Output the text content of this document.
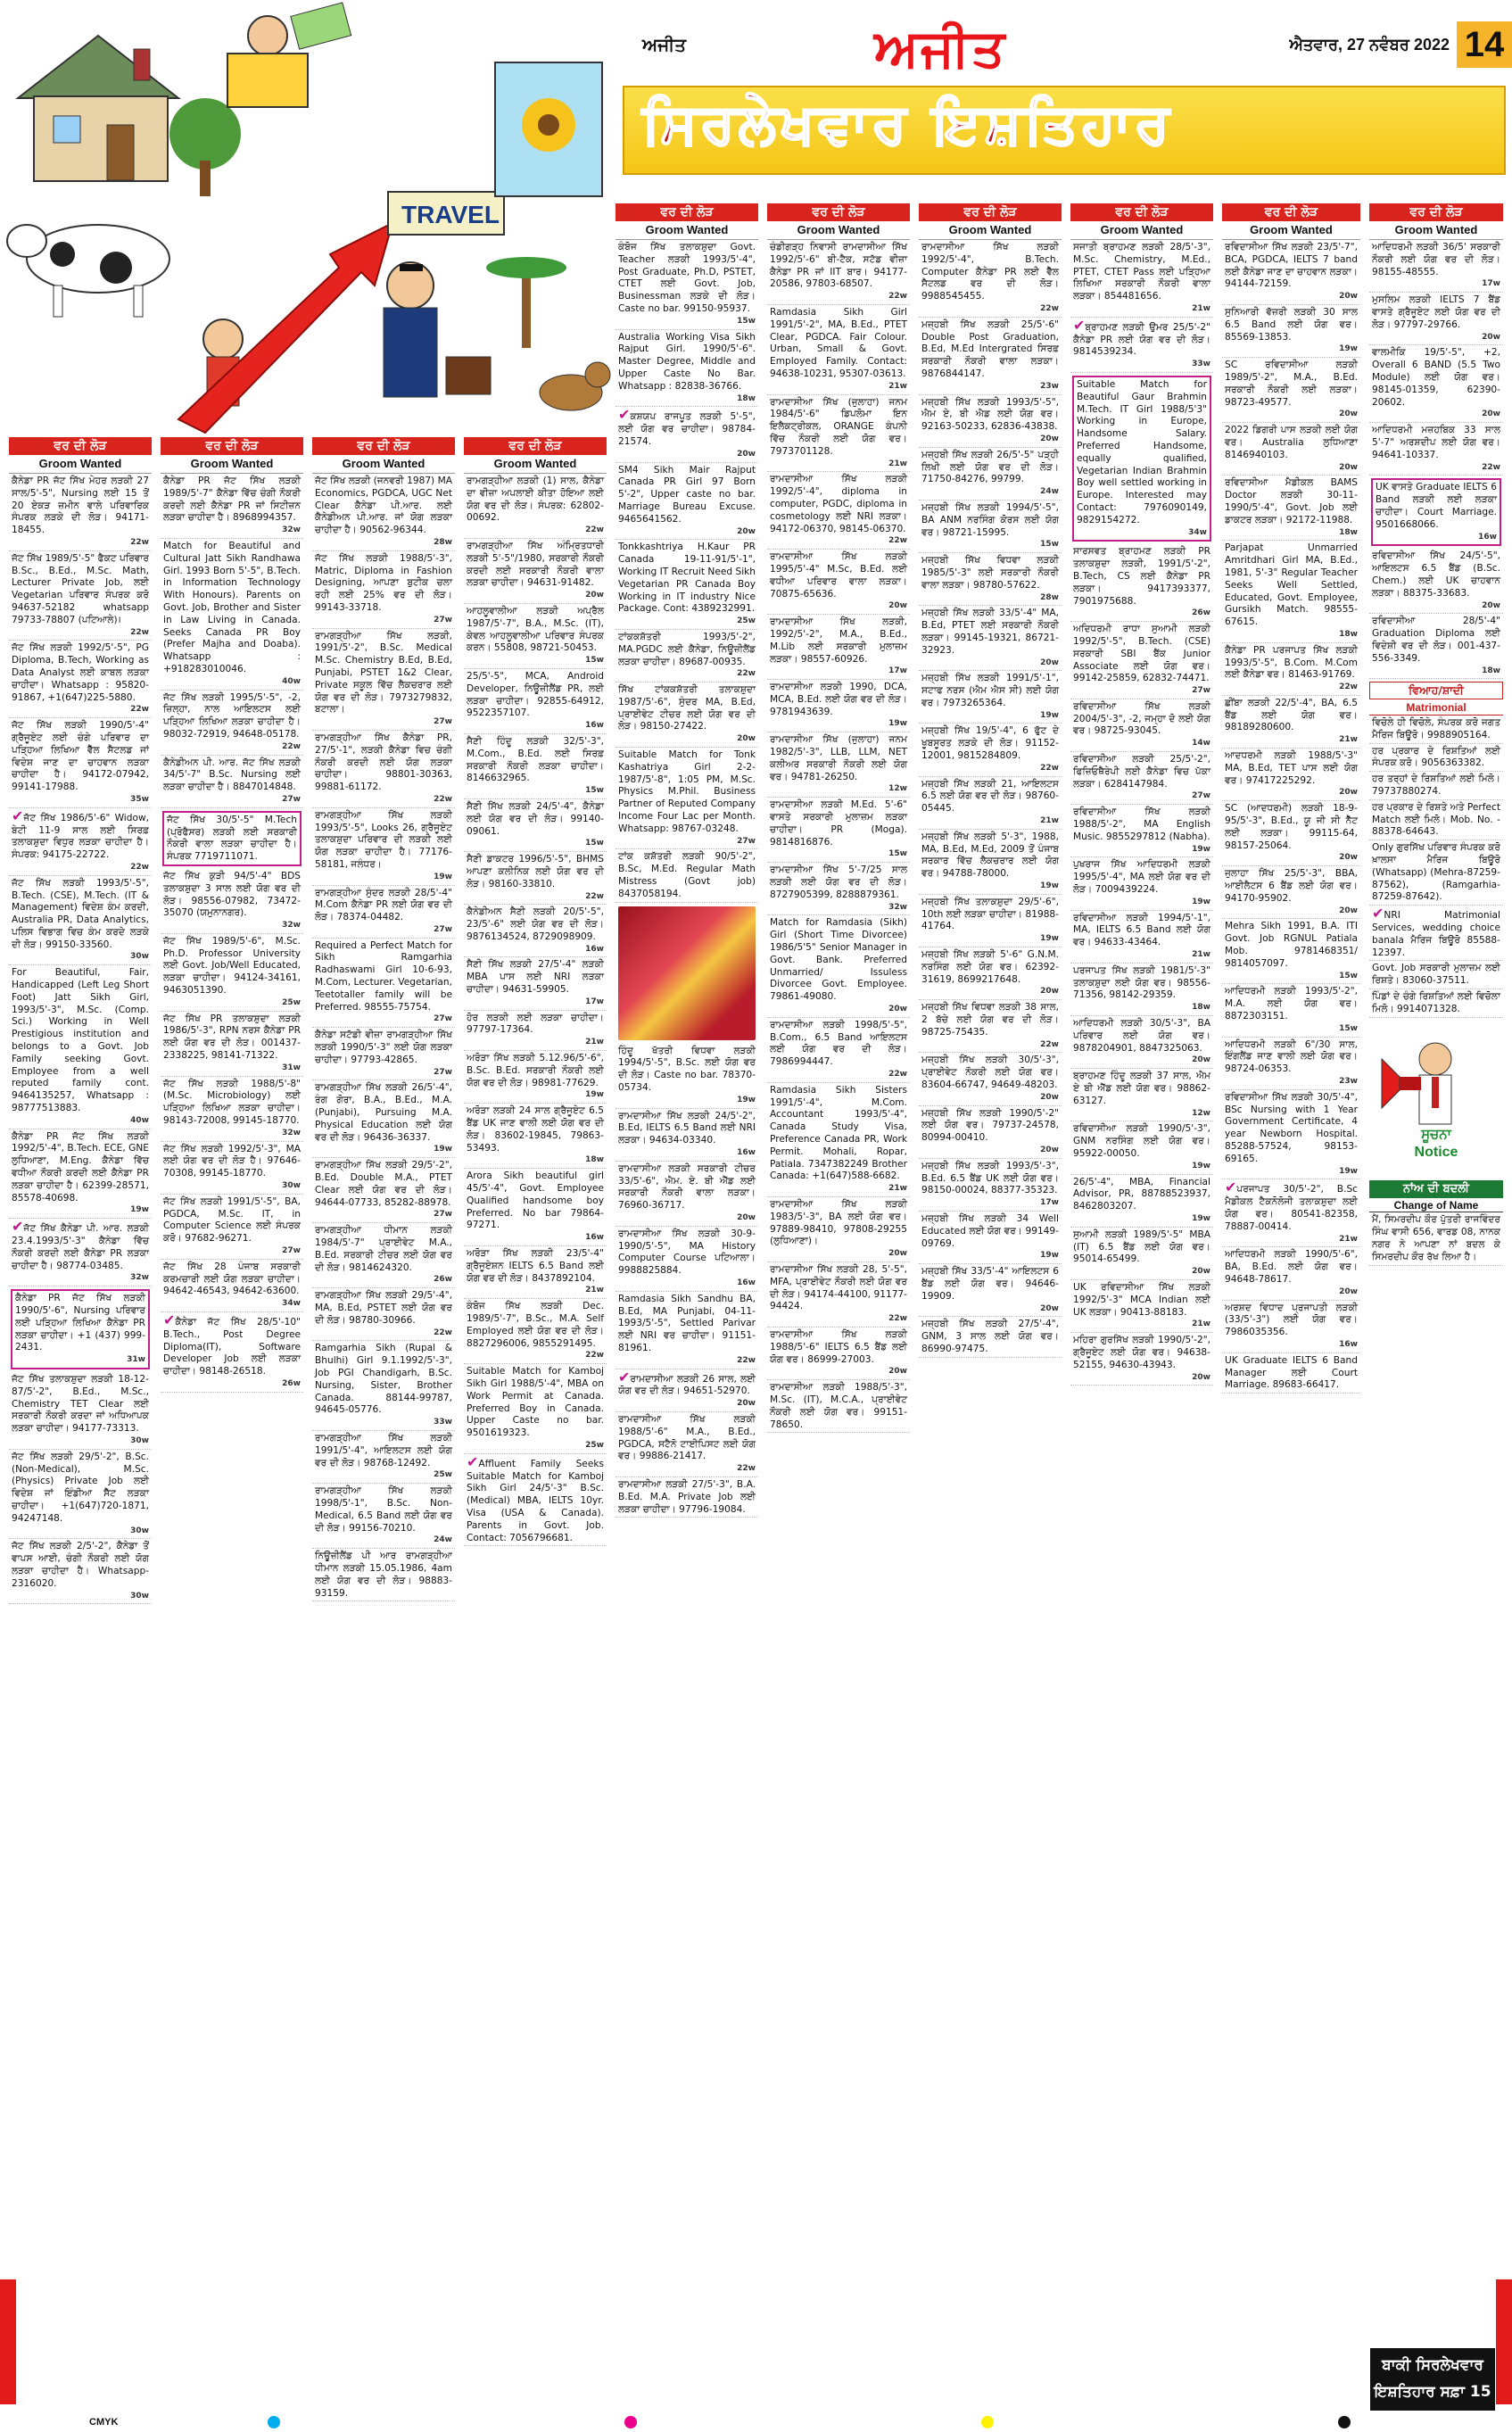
TRAVEL
ਅਜੀਤ	ਅਜੀਤ	ਐਤਵਾਰ, 27 ਨਵੰਬਰ 2022 14
ਸਿਰਲੇਖਵਾਰ ਇਸ਼ਤਿਹਾਰ
ਵਰ ਦੀ ਲੋੜ
Groom Wanted
ਕੈਨੇਡਾ PR ਜੱਟ ਸਿੱਖ ਮੇਹਰ ਲੜਕੀ 27 ਸਾਲ/5'-5", Nursing ਲਈ 15 ਤੋਂ 20 ਏਕੜ ਜ਼ਮੀਨ ਵਾਲੇ ਪਰਿਵਾਰਿਕ ਸੰਪਰਕ ਲੜਕੇ ਦੀ ਲੋੜ। 94171-18455.
22w
ਜੱਟ ਸਿੱਖ 1989/5'-5" ਫੈਕਟ ਪਰਿਵਾਰ B.Sc., B.Ed., M.Sc. Math, Lecturer Private Job, ਲਈ Vegetarian ਪਰਿਵਾਰ ਸੰਪਰਕ ਕਰੋ 94637-52182 whatsapp 79733-78807 (ਪਟਿਆਲੇ)।
22w
ਜੱਟ ਸਿੱਖ ਲੜਕੀ 1992/5'-5", PG Diploma, B.Tech, Working as Data Analyst ਲਈ ਕਾਬਲ ਲੜਕਾ ਚਾਹੀਦਾ। Whatsapp : 95820-91867, +1(647)225-5880.
22w
ਜੱਟ ਸਿੱਖ ਲੜਕੀ 1990/5'-4" ਗ੍ਰੈਜੂਏਟ ਲਈ ਚੰਗੇ ਪਰਿਵਾਰ ਦਾ ਪੜ੍ਹਿਆ ਲਿਖਿਆ ਵੈੱਲ ਸੈਟਲਡ ਜਾਂ ਵਿਦੇਸ਼ ਜਾਣ ਦਾ ਚਾਹਵਾਨ ਲੜਕਾ ਚਾਹੀਦਾ ਹੈ। 94172-07942, 99141-17988.
35w
✔ ਜੱਟ ਸਿੱਖ 1986/5'-6" Widow, ਬੇਟੀ 11-9 ਸਾਲ ਲਈ ਸਿਰਫ਼ ਤਲਾਕਸ਼ੁਦਾ ਵਿਧੁਰ ਲੜਕਾ ਚਾਹੀਦਾ ਹੈ। ਸੰਪਰਕ: 94175-22722.
22w
ਜੱਟ ਸਿੱਖ ਲੜਕੀ 1993/5'-5", B.Tech. (CSE), M.Tech. (IT & Management) ਵਿਦੇਸ਼ ਕੰਮ ਕਰਦੀ, Australia PR, Data Analytics, ਪਲਿਸ ਵਿਭਾਗ ਵਿਚ ਕੰਮ ਕਰਦੇ ਲੜਕੇ ਦੀ ਲੋੜ। 99150-33560.
30w
For Beautiful, Fair, Handicapped (Left Leg Short Foot) Jatt Sikh Girl, 1993/5'-3", M.Sc. (Comp. Sci.) Working in Well Prestigious institution and belongs to a Govt. Job Family seeking Govt. Employee from a well reputed family cont. 9464135257, Whatsapp : 98777513883.
40w
ਕੈਨੇਡਾ PR ਜੱਟ ਸਿੱਖ ਲੜਕੀ 1992/5'-4", B.Tech. ECE, GNE ਲੁਧਿਆਣਾ, M.Eng. ਕੈਨੇਡਾ ਵਿੱਚ ਵਧੀਆ ਨੌਕਰੀ ਕਰਦੀ ਲਈ ਕੈਨੇਡਾ PR ਲੜਕਾ ਚਾਹੀਦਾ ਹੈ। 62399-28571, 85578-40698.
19w
✔ ਜੱਟ ਸਿੱਖ ਕੈਨੇਡਾ ਪੀ. ਆਰ. ਲੜਕੀ 23.4.1993/5'-3" ਕੈਨੇਡਾ ਵਿੱਚ ਨੌਕਰੀ ਕਰਦੀ ਲਈ ਕੈਨੇਡਾ PR ਲੜਕਾ ਚਾਹੀਦਾ ਹੈ। 98774-03485.
32w
ਕੈਨੇਡਾ PR ਜੱਟ ਸਿੱਖ ਲੜਕੀ 1990/5'-6", Nursing ਪਰਿਵਾਰ ਲਈ ਪੜ੍ਹਿਆ ਲਿਖਿਆ ਕੈਨੇਡਾ PR ਲੜਕਾ ਚਾਹੀਦਾ। +1 (437) 999-2431.
31w
ਜੱਟ ਸਿੱਖ ਤਲਾਕਸ਼ੁਦਾ ਲੜਕੀ 18-12-87/5'-2", B.Ed., M.Sc., Chemistry TET Clear ਲਈ ਸਰਕਾਰੀ ਨੌਕਰੀ ਕਰਦਾ ਜਾਂ ਅਧਿਆਪਕ ਲੜਕਾ ਚਾਹੀਦਾ। 94177-73313.
30w
ਜੱਟ ਸਿੱਖ ਲੜਕੀ 29/5'-2", B.Sc. (Non-Medical), M.Sc. (Physics) Private Job ਲਈ ਵਿਦੇਸ਼ ਜਾਂ ਇੰਡੀਆ ਸੈੱਟ ਲੜਕਾ ਚਾਹੀਦਾ। +1(647)720-1871, 94247148.
30w
ਜੱਟ ਸਿੱਖ ਲੜਕੀ 2/5'-2", ਕੈਨੇਡਾ ਤੋਂ ਵਾਪਸ ਆਈ, ਚੰਗੀ ਨੌਕਰੀ ਲਈ ਯੋਗ ਲੜਕਾ ਚਾਹੀਦਾ ਹੈ। Whatsapp-2316020.
30w
ਵਰ ਦੀ ਲੋੜ
Groom Wanted
ਕੈਨੇਡਾ PR ਜੱਟ ਸਿੱਖ ਲੜਕੀ 1989/5'-7" ਕੈਨੇਡਾ ਵਿੱਚ ਚੰਗੀ ਨੌਕਰੀ ਕਰਦੀ ਲਈ ਕੈਨੇਡਾ PR ਜਾਂ ਸਿਟੀਜ਼ਨ ਲੜਕਾ ਚਾਹੀਦਾ ਹੈ। 8968994357.
32w
Match for Beautiful and Cultural Jatt Sikh Randhawa Girl. 1993 Born 5'-5", B.Tech. in Information Technology With Honours). Parents on Govt. Job, Brother and Sister in Law Living in Canada. Seeks Canada PR Boy (Prefer Majha and Doaba). Whatsapp : +918283010046.
40w
ਜੱਟ ਸਿੱਖ ਲੜਕੀ 1995/5'-5", -2, ਜ਼ਿਲ੍ਹਾ, ਨਾਲ ਆਇਲਟਸ ਲਈ ਪੜ੍ਹਿਆ ਲਿਖਿਆ ਲੜਕਾ ਚਾਹੀਦਾ ਹੈ। 98032-72919, 94648-05178.
22w
ਕੈਨੇਡੀਅਨ ਪੀ. ਆਰ. ਜੱਟ ਸਿੱਖ ਲੜਕੀ 34/5'-7" B.Sc. Nursing ਲਈ ਲੜਕਾ ਚਾਹੀਦਾ ਹੈ। 8847014848.
27w
ਜੱਟ ਸਿੱਖ 30/5'-5" M.Tech (ਪ੍ਰੋਫੈਸਰ) ਲੜਕੀ ਲਈ ਸਰਕਾਰੀ ਨੌਕਰੀ ਵਾਲਾ ਲੜਕਾ ਚਾਹੀਦਾ ਹੈ। ਸੰਪਰਕ 7719711071.
ਜੱਟ ਸਿੱਖ ਕੁੜੀ 94/5'-4" BDS ਤਲਾਕਸ਼ੁਦਾ 3 ਸਾਲ ਲਈ ਯੋਗ ਵਰ ਦੀ ਲੋੜ। 98556-07982, 73472-35070 (ਯਮੁਨਾਨਗਰ).
32w
ਜੱਟ ਸਿੱਖ 1989/5'-6", M.Sc. Ph.D. Professor University ਲਈ Govt. Job/Well Educated, ਲੜਕਾ ਚਾਹੀਦਾ। 94124-34161, 9463051390.
25w
ਜੱਟ ਸਿੱਖ PR ਤਲਾਕਸ਼ੁਦਾ ਲੜਕੀ 1986/5'-3", RPN ਨਰਸ ਕੈਨੇਡਾ PR ਲਈ ਯੋਗ ਵਰ ਦੀ ਲੋੜ। 001437-2338225, 98141-71322.
31w
ਜੱਟ ਸਿੱਖ ਲੜਕੀ 1988/5'-8" (M.Sc. Microbiology) ਲਈ ਪੜ੍ਹਿਆ ਲਿਖਿਆ ਲੜਕਾ ਚਾਹੀਦਾ। 98143-72008, 99145-18770.
32w
ਜੱਟ ਸਿੱਖ ਲੜਕੀ 1992/5'-3", MA ਲਈ ਯੋਗ ਵਰ ਦੀ ਲੋੜ ਹੈ। 97646-70308, 99145-18770.
30w
ਜੱਟ ਸਿੱਖ ਲੜਕੀ 1991/5'-5", BA, PGDCA, M.Sc. IT, in Computer Science ਲਈ ਸੰਪਰਕ ਕਰੋ। 97682-96271.
27w
ਜੱਟ ਸਿੱਖ 28 ਪੰਜਾਬ ਸਰਕਾਰੀ ਕਰਮਚਾਰੀ ਲਈ ਯੋਗ ਲੜਕਾ ਚਾਹੀਦਾ। 94642-46543, 94642-63600.
34w
✔ ਕੈਨੇਡਾ ਜੱਟ ਸਿੱਖ 28/5'-10" B.Tech., Post Degree Diploma(IT), Software Developer Job ਲਈ ਲੜਕਾ ਚਾਹੀਦਾ। 98148-26518.
26w
ਵਰ ਦੀ ਲੋੜ
Groom Wanted
ਜੱਟ ਸਿੱਖ ਲੜਕੀ (ਜਨਵਰੀ 1987) MA Economics, PGDCA, UGC Net Clear ਕੈਨੇਡਾ ਪੀ.ਆਰ. ਲਈ ਕੈਨੇਡੀਅਨ ਪੀ.ਆਰ. ਜਾਂ ਯੋਗ ਲੜਕਾ ਚਾਹੀਦਾ ਹੈ। 90562-96344.
28w
ਜੱਟ ਸਿੱਖ ਲੜਕੀ 1988/5'-3", Matric, Diploma in Fashion Designing, ਆਪਣਾ ਬੁਟੀਕ ਚਲਾ ਰਹੀ ਲਈ 25% ਵਰ ਦੀ ਲੋੜ। 99143-33718.
27w
ਰਾਮਗੜ੍ਹੀਆ ਸਿੱਖ ਲੜਕੀ, 1991/5'-2", B.Sc. Medical M.Sc. Chemistry B.Ed, B.Ed, Punjabi, PSTET 1&2 Clear, Private ਸਕੂਲ ਵਿੱਚ ਲੈਕਚਰਾਰ ਲਈ ਯੋਗ ਵਰ ਦੀ ਲੋੜ। 7973279832, ਬਟਾਲਾ।
27w
ਰਾਮਗੜ੍ਹੀਆ ਸਿੱਖ ਕੈਨੇਡਾ PR, 27/5'-1", ਲੜਕੀ ਕੈਨੇਡਾ ਵਿਚ ਚੰਗੀ ਨੌਕਰੀ ਕਰਦੀ ਲਈ ਯੋਗ ਲੜਕਾ ਚਾਹੀਦਾ। 98801-30363, 99881-61172.
22w
ਰਾਮਗੜ੍ਹੀਆ ਸਿੱਖ ਲੜਕੀ 1993/5'-5", Looks 26, ਗ੍ਰੈਜੂਏਟ ਤਲਾਕਸ਼ੁਦਾ ਪਰਿਵਾਰ ਦੀ ਲੜਕੀ ਲਈ ਯੋਗ ਲੜਕਾ ਚਾਹੀਦਾ ਹੈ। 77176-58181, ਜਲੰਧਰ।
19w
ਰਾਮਗੜ੍ਹੀਆ ਸੁੰਦਰ ਲੜਕੀ 28/5'-4" M.Com ਕੈਨੇਡਾ PR ਲਈ ਯੋਗ ਵਰ ਦੀ ਲੋੜ। 78374-04482.
27w
Required a Perfect Match for Sikh Ramgarhia Radhaswami Girl 10-6-93, M.Com, Lecturer. Vegetarian, Teetotaller family will be Preferred. 98555-75754.
27w
ਕੈਨੇਡਾ ਸਟੱਡੀ ਵੀਜ਼ਾ ਰਾਮਗੜ੍ਹੀਆ ਸਿੱਖ ਲੜਕੀ 1990/5'-3" ਲਈ ਯੋਗ ਲੜਕਾ ਚਾਹੀਦਾ। 97793-42865.
27w
ਰਾਮਗੜ੍ਹੀਆ ਸਿੱਖ ਲੜਕੀ 26/5'-4", ਰੰਗ ਗੋਰਾ, B.A., B.Ed., M.A. (Punjabi), Pursuing M.A. Physical Education ਲਈ ਯੋਗ ਵਰ ਦੀ ਲੋੜ। 96436-36337.
19w
ਰਾਮਗੜ੍ਹੀਆ ਸਿੱਖ ਲੜਕੀ 29/5'-2", B.Ed. Double M.A., PTET Clear ਲਈ ਯੋਗ ਵਰ ਦੀ ਲੋੜ। 94644-07733, 85282-88978.
27w
ਰਾਮਗੜ੍ਹੀਆ ਧੀਮਾਨ ਲੜਕੀ 1984/5'-7" ਪ੍ਰਾਈਵੇਟ M.A., B.Ed. ਸਰਕਾਰੀ ਟੀਚਰ ਲਈ ਯੋਗ ਵਰ ਦੀ ਲੋੜ। 9814624320.
26w
ਰਾਮਗੜ੍ਹੀਆ ਸਿੱਖ ਲੜਕੀ 29/5'-4", MA, B.Ed, PSTET ਲਈ ਯੋਗ ਵਰ ਦੀ ਲੋੜ। 98780-30966.
22w
Ramgarhia Sikh (Rupal & Bhulhi) Girl 9.1.1992/5'-3", Job PGI Chandigarh, B.Sc. Nursing, Sister, Brother Canada. 88144-99787, 94645-05776.
33w
ਰਾਮਗੜ੍ਹੀਆ ਸਿੱਖ ਲੜਕੀ 1991/5'-4", ਆਇਲਟਸ ਲਈ ਯੋਗ ਵਰ ਦੀ ਲੋੜ। 98768-12492.
25w
ਰਾਮਗੜ੍ਹੀਆ ਸਿੱਖ ਲੜਕੀ 1998/5'-1", B.Sc. Non-Medical, 6.5 Band ਲਈ ਯੋਗ ਵਰ ਦੀ ਲੋੜ। 99156-70210.
24w
ਨਿਊਜ਼ੀਲੈਂਡ ਪੀ ਆਰ ਰਾਮਗੜ੍ਹੀਆ ਧੀਮਾਨ ਲੜਕੀ 15.05.1986, 4am ਲਈ ਯੋਗ ਵਰ ਦੀ ਲੋੜ। 98883-93159.
ਵਰ ਦੀ ਲੋੜ
Groom Wanted
ਰਾਮਗੜ੍ਹੀਆ ਲੜਕੀ (1) ਸਾਲ, ਕੈਨੇਡਾ ਦਾ ਵੀਜ਼ਾ ਅਪਲਾਈ ਕੀਤਾ ਹੋਇਆ ਲਈ ਯੋਗ ਵਰ ਦੀ ਲੋੜ। ਸੰਪਰਕ: 62802-00692.
22w
ਰਾਮਗੜ੍ਹੀਆ ਸਿੱਖ ਅੰਮ੍ਰਿਤਧਾਰੀ ਲੜਕੀ 5'-5"/1980, ਸਰਕਾਰੀ ਨੌਕਰੀ ਕਰਦੀ ਲਈ ਸਰਕਾਰੀ ਨੌਕਰੀ ਵਾਲਾ ਲੜਕਾ ਚਾਹੀਦਾ। 94631-91482.
20w
ਆਹਲੂਵਾਲੀਆ ਲੜਕੀ ਅਪ੍ਰੈਲ 1987/5'-7", B.A., M.Sc. (IT), ਕੇਵਲ ਆਹਲੂਵਾਲੀਆ ਪਰਿਵਾਰ ਸੰਪਰਕ ਕਰਨ। 55808, 98721-50453.
15w
25/5'-5", MCA, Android Developer, ਨਿਊਜ਼ੀਲੈਂਡ PR, ਲਈ ਲੜਕਾ ਚਾਹੀਦਾ। 92855-64912, 9522357107.
16w
ਸੈਣੀ ਹਿੰਦੂ ਲੜਕੀ 32/5'-3", M.Com., B.Ed. ਲਈ ਸਿਰਫ਼ ਸਰਕਾਰੀ ਨੌਕਰੀ ਲੜਕਾ ਚਾਹੀਦਾ। 8146632965.
15w
ਸੈਣੀ ਸਿੱਖ ਲੜਕੀ 24/5'-4", ਕੈਨੇਡਾ ਲਈ ਯੋਗ ਵਰ ਦੀ ਲੋੜ। 99140-09061.
15w
ਸੈਣੀ ਡਾਕਟਰ 1996/5'-5", BHMS ਆਪਣਾ ਕਲੀਨਿਕ ਲਈ ਯੋਗ ਵਰ ਦੀ ਲੋੜ। 98160-33810.
22w
ਕੈਨੇਡੀਅਨ ਸੈਣੀ ਲੜਕੀ 20/5'-5", 23/5'-6" ਲਈ ਯੋਗ ਵਰ ਦੀ ਲੋੜ। 9876134524, 8729098909.
16w
ਸੈਣੀ ਸਿੱਖ ਲੜਕੀ 27/5'-4" ਲੜਕੀ MBA ਪਾਸ ਲਈ NRI ਲੜਕਾ ਚਾਹੀਦਾ। 94631-59905.
17w
ਹੋਰ ਲੜਕੀ ਲਈ ਲੜਕਾ ਚਾਹੀਦਾ। 97797-17364.
21w
ਅਰੋੜਾ ਸਿੱਖ ਲੜਕੀ 5.12.96/5'-6", B.Sc. B.Ed. ਸਰਕਾਰੀ ਨੌਕਰੀ ਲਈ ਯੋਗ ਵਰ ਦੀ ਲੋੜ। 98981-77629.
19w
ਅਰੋੜਾ ਲੜਕੀ 24 ਸਾਲ ਗ੍ਰੈਜੂਏਟ 6.5 ਬੈਂਡ UK ਜਾਣ ਵਾਲੀ ਲਈ ਯੋਗ ਵਰ ਦੀ ਲੋੜ। 83602-19845, 79863-53493.
18w
Arora Sikh beautiful girl 45/5'-4", Govt. Employee Qualified handsome boy Preferred. No bar 79864-97271.
16w
ਅਰੋੜਾ ਸਿੱਖ ਲੜਕੀ 23/5'-4" ਗ੍ਰੈਜੂਏਸ਼ਨ IELTS 6.5 Band ਲਈ ਯੋਗ ਵਰ ਦੀ ਲੋੜ। 8437892104.
21w
ਕੰਬੋਜ ਸਿੱਖ ਲੜਕੀ Dec. 1989/5'-7", B.Sc., M.A. Self Employed ਲਈ ਯੋਗ ਵਰ ਦੀ ਲੋੜ। 8827296006, 9855291495.
22w
Suitable Match for Kamboj Sikh Girl 1988/5'-4", MBA on Work Permit at Canada. Preferred Boy in Canada. Upper Caste no bar. 9501619323.
25w
✔ Affluent Family Seeks Suitable Match for Kamboj Sikh Girl 24/5'-3" B.Sc. (Medical) MBA, IELTS 10yr. Visa (USA & Canada). Parents in Govt. Job. Contact: 7056796681.
ਵਰ ਦੀ ਲੋੜ
Groom Wanted
ਕੰਬੋਜ ਸਿੱਖ ਤਲਾਕਸ਼ੁਦਾ Govt. Teacher ਲੜਕੀ 1993/5'-4", Post Graduate, Ph.D, PSTET, CTET ਲਈ Govt. Job, Businessman ਲੜਕੇ ਦੀ ਲੋੜ। Caste no bar. 99150-95937.
15w
Australia Working Visa Sikh Rajput Girl. 1990/5'-6". Master Degree, Middle and Upper Caste No Bar. Whatsapp : 82838-36766.
18w
✔ ਕਸ਼ਯਪ ਰਾਜਪੂਤ ਲੜਕੀ 5'-5", ਲਈ ਯੋਗ ਵਰ ਚਾਹੀਦਾ। 98784-21574.
20w
SM4 Sikh Mair Rajput Canada PR Girl 97 Born 5'-2", Upper caste no bar. Marriage Bureau Excuse. 9465641562.
20w
Tonkkashtriya H.Kaur PR Canada 19-11-91/5'-1", Working IT Recruit Need Sikh Vegetarian PR Canada Boy Working in IT industry Nice Package. Cont: 4389232991.
25w
ਟਾਂਕਕਸ਼ੱਤਰੀ 1993/5'-2", MA.PGDC ਲਈ ਕੈਨੇਡਾ, ਨਿਊਜ਼ੀਲੈਂਡ ਲੜਕਾ ਚਾਹੀਦਾ। 89687-00935.
22w
ਸਿੱਖ ਟਾਂਕਕਸ਼ੱਤਰੀ ਤਲਾਕਸ਼ੁਦਾ 1987/5'-6", ਸੁੰਦਰ MA, B.Ed, ਪ੍ਰਾਈਵੇਟ ਟੀਚਰ ਲਈ ਯੋਗ ਵਰ ਦੀ ਲੋੜ। 98150-27422.
20w
Suitable Match for Tonk Kashatriya Girl 2-2-1987/5'-8", 1:05 PM, M.Sc. Physics M.Phil. Business Partner of Reputed Company Income Four Lac per Month. Whatsapp: 98767-03248.
27w
ਟਾਂਕ ਕਸ਼ੱਤਰੀ ਲੜਕੀ 90/5'-2", B.Sc, M.Ed. Regular Math Mistress (Govt job) 8437058194.
ਹਿੰਦੂ ਖੱਤਰੀ ਵਿਧਵਾ ਲੜਕੀ 1994/5'-5", B.Sc. ਲਈ ਯੋਗ ਵਰ ਦੀ ਲੋੜ। Caste no bar. 78370-05734.
19w
ਰਾਮਦਾਸੀਆ ਸਿੱਖ ਲੜਕੀ 24/5'-2", B.Ed, IELTS 6.5 Band ਲਈ NRI ਲੜਕਾ। 94634-03340.
16w
ਰਾਮਦਾਸੀਆ ਲੜਕੀ ਸਰਕਾਰੀ ਟੀਚਰ 33/5'-6", ਐਮ. ਏ. ਬੀ ਐੱਡ ਲਈ ਸਰਕਾਰੀ ਨੌਕਰੀ ਵਾਲਾ ਲੜਕਾ। 76960-36717.
20w
ਰਾਮਦਾਸੀਆ ਸਿੱਖ ਲੜਕੀ 30-9-1990/5'-5", MA History Computer Course ਪਟਿਆਲਾ। 9988825884.
16w
Ramdasia Sikh Sandhu BA, B.Ed, MA Punjabi, 04-11-1993/5'-5", Settled Parivar ਲਈ NRI ਵਰ ਚਾਹੀਦਾ। 91151-81961.
22w
✔ ਰਾਮਦਾਸੀਆ ਲੜਕੀ 26 ਸਾਲ, ਲਈ ਯੋਗ ਵਰ ਦੀ ਲੋੜ। 94651-52970.
20w
ਰਾਮਦਾਸੀਆ ਸਿੱਖ ਲੜਕੀ 1988/5'-6" M.A., B.Ed., PGDCA, ਸਟੈਨੋ ਟਾਈਪਿਸਟ ਲਈ ਯੋਗ ਵਰ। 99886-21417.
22w
ਰਾਮਦਾਸੀਆ ਲੜਕੀ 27/5'-3", B.A. B.Ed. M.A. Private Job ਲਈ ਲੜਕਾ ਚਾਹੀਦਾ। 97796-19084.
ਵਰ ਦੀ ਲੋੜ
Groom Wanted
ਚੰਡੀਗੜ੍ਹ ਨਿਵਾਸੀ ਰਾਮਦਾਸੀਆ ਸਿੱਖ 1992/5'-6" ਬੀ-ਟੈਕ, ਸਟੱਡ ਵੀਜ਼ਾ ਕੈਨੇਡਾ PR ਜਾਂ IIT ਬਾਰ। 94177-20586, 97803-68507.
22w
Ramdasia Sikh Girl 1991/5'-2", MA, B.Ed., PTET Clear, PGDCA. Fair Colour. Urban, Small & Govt. Employed Family. Contact: 94638-10231, 95307-03613.
21w
ਰਾਮਦਾਸੀਆ ਸਿੱਖ (ਜੁਲਾਹਾ) ਜਨਮ 1984/5'-6" ਡਿਪਲੋਮਾ ਇਨ ਇਲੈਕਟ੍ਰੀਕਲ, ORANGE ਕੰਪਨੀ ਵਿੱਚ ਨੌਕਰੀ ਲਈ ਯੋਗ ਵਰ। 7973701128.
21w
ਰਾਮਦਾਸੀਆ ਸਿੱਖ ਲੜਕੀ 1992/5'-4", diploma in computer, PGDC, diploma in cosmetology ਲਈ NRI ਲੜਕਾ। 94172-06370, 98145-06370.
22w
ਰਾਮਦਾਸੀਆ ਸਿੱਖ ਲੜਕੀ 1995/5'-4" M.Sc, B.Ed. ਲਈ ਵਧੀਆ ਪਰਿਵਾਰ ਵਾਲਾ ਲੜਕਾ। 70875-65636.
20w
ਰਾਮਦਾਸੀਆ ਸਿੱਖ ਲੜਕੀ, 1992/5'-2", M.A., B.Ed., M.Lib ਲਈ ਸਰਕਾਰੀ ਮੁਲਾਜ਼ਮ ਲੜਕਾ। 98557-60926.
17w
ਰਾਮਦਾਸੀਆ ਲੜਕੀ 1990, DCA, MCA, B.Ed. ਲਈ ਯੋਗ ਵਰ ਦੀ ਲੋੜ। 9781943639.
19w
ਰਾਮਦਾਸੀਆ ਸਿੱਖ (ਜੁਲਾਹਾ) ਜਨਮ 1982/5'-3", LLB, LLM, NET ਕਲੀਅਰ ਸਰਕਾਰੀ ਨੌਕਰੀ ਲਈ ਯੋਗ ਵਰ। 94781-26250.
12w
ਰਾਮਦਾਸੀਆ ਲੜਕੀ M.Ed. 5'-6" ਵਾਸਤੇ ਸਰਕਾਰੀ ਮੁਲਾਜ਼ਮ ਲੜਕਾ ਚਾਹੀਦਾ। PR (Moga). 9814816876.
15w
ਰਾਮਦਾਸੀਆ ਸਿੱਖ 5'-7/25 ਸਾਲ ਲੜਕੀ ਲਈ ਯੋਗ ਵਰ ਦੀ ਲੋੜ। 8727905399, 8288879361.
32w
Match for Ramdasia (Sikh) Girl (Short Time Divorcee) 1986/5'5" Senior Manager in Govt. Bank. Preferred Unmarried/ Issuless Divorcee Govt. Employee. 79861-49080.
20w
ਰਾਮਦਾਸੀਆ ਲੜਕੀ 1998/5'-5", B.Com., 6.5 Band ਆਇਲਟਸ ਲਈ ਯੋਗ ਵਰ ਦੀ ਲੋੜ। 7986994447.
22w
Ramdasia Sikh Sisters 1991/5'-4", M.Com. Accountant 1993/5'-4", Canada Study Visa, Preference Canada PR, Work Permit. Mohali, Ropar, Patiala. 7347382249 Brother Canada: +1(647)588-6682.
21w
ਰਾਮਦਾਸੀਆ ਸਿੱਖ ਲੜਕੀ 1983/5'-3", BA ਲਈ ਯੋਗ ਵਰ। 97889-98410, 97808-29255 (ਲੁਧਿਆਣਾ)।
20w
ਰਾਮਦਾਸੀਆ ਸਿੱਖ ਲੜਕੀ 28, 5'-5", MFA, ਪ੍ਰਾਈਵੇਟ ਨੌਕਰੀ ਲਈ ਯੋਗ ਵਰ ਦੀ ਲੋੜ। 94174-44100, 91177-94424.
22w
ਰਾਮਦਾਸੀਆ ਸਿੱਖ ਲੜਕੀ 1988/5'-6" IELTS 6.5 ਬੈਂਡ ਲਈ ਯੋਗ ਵਰ। 86999-27003.
20w
ਰਾਮਦਾਸੀਆ ਲੜਕੀ 1988/5'-3", M.Sc. (IT), M.C.A., ਪ੍ਰਾਈਵੇਟ ਨੌਕਰੀ ਲਈ ਯੋਗ ਵਰ। 99151-78650.
ਵਰ ਦੀ ਲੋੜ
Groom Wanted
ਰਾਮਦਾਸੀਆ ਸਿੱਖ ਲੜਕੀ 1992/5'-4", B.Tech. Computer ਕੈਨੇਡਾ PR ਲਈ ਵੈੱਲ ਸੈਟਲਡ ਵਰ ਦੀ ਲੋੜ। 9988545455.
22w
ਮਜ਼੍ਹਬੀ ਸਿੱਖ ਲੜਕੀ 25/5'-6" Double Post Graduation, B.Ed, M.Ed Intergrated ਸਿਰਫ਼ ਸਰਕਾਰੀ ਨੌਕਰੀ ਵਾਲਾ ਲੜਕਾ। 9876844147.
23w
ਮਜ਼੍ਹਬੀ ਸਿੱਖ ਲੜਕੀ 1993/5'-5", ਐਮ ਏ, ਬੀ ਐਡ ਲਈ ਯੋਗ ਵਰ। 92163-50233, 62836-43838.
20w
ਮਜ਼੍ਹਬੀ ਸਿੱਖ ਲੜਕੀ 26/5'-5" ਪੜ੍ਹੀ ਲਿਖੀ ਲਈ ਯੋਗ ਵਰ ਦੀ ਲੋੜ। 71750-84276, 99799.
24w
ਮਜ਼੍ਹਬੀ ਸਿੱਖ ਲੜਕੀ 1994/5'-5", BA ANM ਨਰਸਿੰਗ ਕੋਰਸ ਲਈ ਯੋਗ ਵਰ। 98721-15995.
15w
ਮਜ਼੍ਹਬੀ ਸਿੱਖ ਵਿਧਵਾ ਲੜਕੀ 1985/5'-3" ਲਈ ਸਰਕਾਰੀ ਨੌਕਰੀ ਵਾਲਾ ਲੜਕਾ। 98780-57622.
28w
ਮਜ਼੍ਹਬੀ ਸਿੱਖ ਲੜਕੀ 33/5'-4" MA, B.Ed, PTET ਲਈ ਸਰਕਾਰੀ ਨੌਕਰੀ ਲੜਕਾ। 99145-19321, 86721-32923.
20w
ਮਜ਼੍ਹਬੀ ਸਿੱਖ ਲੜਕੀ 1991/5'-1", ਸਟਾਫ ਨਰਸ (ਐਮ ਐਸ ਸੀ) ਲਈ ਯੋਗ ਵਰ। 7973265364.
19w
ਮਜ਼੍ਹਬੀ ਸਿੱਖ 19/5'-4", 6 ਫੁੱਟ ਦੇ ਖੂਬਸੂਰਤ ਲੜਕੇ ਦੀ ਲੋੜ। 91152-12001, 9815284809.
22w
ਮਜ਼੍ਹਬੀ ਸਿੱਖ ਲੜਕੀ 21, ਆਇਲਟਸ 6.5 ਲਈ ਯੋਗ ਵਰ ਦੀ ਲੋੜ। 98760-05445.
21w
ਮਜ਼੍ਹਬੀ ਸਿੱਖ ਲੜਕੀ 5'-3", 1988, MA, B.Ed, M.Ed, 2009 ਤੋਂ ਪੰਜਾਬ ਸਰਕਾਰ ਵਿੱਚ ਲੈਕਚਰਾਰ ਲਈ ਯੋਗ ਵਰ। 94788-78000.
19w
ਮਜ਼੍ਹਬੀ ਸਿੱਖ ਤਲਾਕਸ਼ੁਦਾ 29/5'-6", 10th ਲਈ ਲੜਕਾ ਚਾਹੀਦਾ। 81988-41764.
19w
ਮਜ਼੍ਹਬੀ ਸਿੱਖ ਲੜਕੀ 5'-6" G.N.M. ਨਰਸਿੰਗ ਲਈ ਯੋਗ ਵਰ। 62392-31619, 8699217648.
20w
ਮਜ਼੍ਹਬੀ ਸਿੱਖ ਵਿਧਵਾ ਲੜਕੀ 38 ਸਾਲ, 2 ਬੱਚੇ ਲਈ ਯੋਗ ਵਰ ਦੀ ਲੋੜ। 98725-75435.
22w
ਮਜ਼੍ਹਬੀ ਸਿੱਖ ਲੜਕੀ 30/5'-3", ਪ੍ਰਾਈਵੇਟ ਨੌਕਰੀ ਲਈ ਯੋਗ ਵਰ। 83604-66747, 94649-48203.
20w
ਮਜ਼੍ਹਬੀ ਸਿੱਖ ਲੜਕੀ 1990/5'-2" ਲਈ ਯੋਗ ਵਰ। 79737-24578, 80994-00410.
20w
ਮਜ਼੍ਹਬੀ ਸਿੱਖ ਲੜਕੀ 1993/5'-3", B.Ed. 6.5 ਬੈਂਡ UK ਲਈ ਯੋਗ ਵਰ। 98150-00024, 88377-35323.
17w
ਮਜ਼੍ਹਬੀ ਸਿੱਖ ਲੜਕੀ 34 Well Educated ਲਈ ਯੋਗ ਵਰ। 99149-09769.
19w
ਮਜ਼੍ਹਬੀ ਸਿੱਖ 33/5'-4" ਆਇਲਟਸ 6 ਬੈਂਡ ਲਈ ਯੋਗ ਵਰ। 94646-19909.
20w
ਮਜ਼੍ਹਬੀ ਸਿੱਖ ਲੜਕੀ 27/5'-4", GNM, 3 ਸਾਲ ਲਈ ਯੋਗ ਵਰ। 86990-97475.
ਵਰ ਦੀ ਲੋੜ
Groom Wanted
ਸਜਾਤੀ ਬ੍ਰਾਹਮਣ ਲੜਕੀ 28/5'-3", M.Sc. Chemistry, M.Ed., PTET, CTET Pass ਲਈ ਪੜ੍ਹਿਆ ਲਿਖਿਆ ਸਰਕਾਰੀ ਨੌਕਰੀ ਵਾਲਾ ਲੜਕਾ। 854481656.
21w
✔ ਬ੍ਰਾਹਮਣ ਲੜਕੀ ਉਮਰ 25/5'-2" ਕੈਨੇਡਾ PR ਲਈ ਯੋਗ ਵਰ ਦੀ ਲੋੜ। 9814539234.
33w
Suitable Match for Beautiful Gaur Brahmin M.Tech. IT Girl 1988/5'3" Working in Europe, Handsome Salary. Preferred Handsome, equally qualified, Vegetarian Indian Brahmin Boy well settled working in Europe. Interested may Contact: 7976090149, 9829154272.
34w
ਸਾਰਸਵਤ ਬ੍ਰਾਹਮਣ ਲੜਕੀ PR ਤਲਾਕਸ਼ੁਦਾ ਲੜਕੀ, 1991/5'-2", B.Tech, CS ਲਈ ਕੈਨੇਡਾ PR ਲੜਕਾ। 9417393377, 7901975688.
26w
ਅਦਿਧਰਮੀ ਰਾਧਾ ਸੁਆਮੀ ਲੜਕੀ 1992/5'-5", B.Tech. (CSE) ਸਰਕਾਰੀ SBI ਬੈਂਕ Junior Associate ਲਈ ਯੋਗ ਵਰ। 99142-25859, 62832-74471.
27w
ਰਵਿਦਾਸੀਆ ਸਿੱਖ ਲੜਕੀ 2004/5'-3", -2, ਜਮ੍ਹਾ ਦੋ ਲਈ ਯੋਗ ਵਰ। 98725-93045.
14w
ਰਵਿਦਾਸੀਆ ਲੜਕੀ 25/5'-2", ਫਿਜ਼ਿਓਥੈਰੇਪੀ ਲਈ ਕੈਨੇਡਾ ਵਿਚ ਪੱਕਾ ਲੜਕਾ। 6284147984.
27w
ਰਵਿਦਾਸੀਆ ਸਿੱਖ ਲੜਕੀ 1988/5'-2", MA English Music. 9855297812 (Nabha).
19w
ਪੁਖਰਾਜ ਸਿੱਖ ਆਦਿਧਰਮੀ ਲੜਕੀ 1995/5'-4", MA ਲਈ ਯੋਗ ਵਰ ਦੀ ਲੋੜ। 7009439224.
19w
ਰਵਿਦਾਸੀਆ ਲੜਕੀ 1994/5'-1", MA, IELTS 6.5 Band ਲਈ ਯੋਗ ਵਰ। 94633-43464.
21w
ਪਰਜਾਪਤ ਸਿੱਖ ਲੜਕੀ 1981/5'-3" ਤਲਾਕਸ਼ੁਦਾ ਲਈ ਯੋਗ ਵਰ। 98556-71356, 98142-29359.
18w
ਆਦਿਧਰਮੀ ਲੜਕੀ 30/5'-3", BA ਪਰਿਵਾਰ ਲਈ ਯੋਗ ਵਰ। 9878204901, 8847325063.
20w
ਬ੍ਰਾਹਮਣ ਹਿੰਦੂ ਲੜਕੀ 37 ਸਾਲ, ਐਮ ਏ ਬੀ ਐੱਡ ਲਈ ਯੋਗ ਵਰ। 98862-63127.
12w
ਰਵਿਦਾਸੀਆ ਲੜਕੀ 1990/5'-3", GNM ਨਰਸਿੰਗ ਲਈ ਯੋਗ ਵਰ। 95922-00050.
19w
26/5'-4", MBA, Financial Advisor, PR, 88788523937, 8462803207.
19w
ਸੁਆਮੀ ਲੜਕੀ 1989/5'-5" MBA (IT) 6.5 ਬੈਂਡ ਲਈ ਯੋਗ ਵਰ। 95014-65499.
20w
UK ਰਵਿਦਾਸੀਆ ਸਿੱਖ ਲੜਕੀ 1992/5'-3" MCA Indian ਲਈ UK ਲੜਕਾ। 90413-88183.
21w
ਮਹਿਰਾ ਗੁਰਸਿੱਖ ਲੜਕੀ 1990/5'-2", ਗ੍ਰੈਜੂਏਟ ਲਈ ਯੋਗ ਵਰ। 94638-52155, 94630-43943.
20w
ਵਰ ਦੀ ਲੋੜ
Groom Wanted
ਰਵਿਦਾਸੀਆ ਸਿੱਖ ਲੜਕੀ 23/5'-7", BCA, PGDCA, IELTS 7 band ਲਈ ਕੈਨੇਡਾ ਜਾਣ ਦਾ ਚਾਹਵਾਨ ਲੜਕਾ। 94144-72159.
20w
ਸੁਨਿਆਰੀ ਵੱਜ਼ਰੀ ਲੜਕੀ 30 ਸਾਲ 6.5 Band ਲਈ ਯੋਗ ਵਰ। 85569-13853.
19w
SC ਰਵਿਦਾਸੀਆ ਲੜਕੀ 1989/5'-2", M.A., B.Ed. ਸਰਕਾਰੀ ਨੌਕਰੀ ਲਈ ਲੜਕਾ। 98723-49577.
20w
2022 ਡਿਗਰੀ ਪਾਸ ਲੜਕੀ ਲਈ ਯੋਗ ਵਰ। Australia ਲੁਧਿਆਣਾ 8146940103.
20w
ਰਵਿਦਾਸੀਆ ਮੈਡੀਕਲ BAMS Doctor ਲੜਕੀ 30-11-1990/5'-4", Govt. Job ਲਈ ਡਾਕਟਰ ਲੜਕਾ। 92172-11988.
18w
Parjapat Unmarried Amritdhari Girl MA, B.Ed., 1981, 5'-3" Regular Teacher Seeks Well Settled, Educated, Govt. Employee, Gursikh Match. 98555-67615.
18w
ਕੈਨੇਡਾ PR ਪਰਜਾਪਤ ਸਿੱਖ ਲੜਕੀ 1993/5'-5", B.Com. M.Com ਲਈ ਕੈਨੇਡਾ ਵਰ। 81463-91769.
22w
ਛੀਂਬਾ ਲੜਕੀ 22/5'-4", BA, 6.5 ਬੈਂਡ ਲਈ ਯੋਗ ਵਰ। 98189280600.
21w
ਆਦਧਰਮੀ ਲੜਕੀ 1988/5'-3" MA, B.Ed, TET ਪਾਸ ਲਈ ਯੋਗ ਵਰ। 97417225292.
20w
SC (ਆਦਧਰਮੀ) ਲੜਕੀ 18-9-95/5'-3", B.Ed., ਯੂ ਜੀ ਸੀ ਨੈੱਟ ਲਈ ਲੜਕਾ। 99115-64, 98157-25064.
20w
ਜੁਲਾਹਾ ਸਿੱਖ 25/5'-3", BBA, ਆਈਲੈਟਸ 6 ਬੈਂਡ ਲਈ ਯੋਗ ਵਰ। 94170-95902.
20w
Mehra Sikh 1991, B.A. ITI Govt. Job RGNUL Patiala Mob. 9781468351/ 9814057097.
15w
ਆਦਿਧਰਮੀ ਲੜਕੀ 1993/5'-2", M.A. ਲਈ ਯੋਗ ਵਰ। 8872303151.
15w
ਆਦਿਧਰਮੀ ਲੜਕੀ 6"/30 ਸਾਲ, ਇੰਗਲੈਂਡ ਜਾਣ ਵਾਲੀ ਲਈ ਯੋਗ ਵਰ। 98724-06353.
23w
ਰਵਿਦਾਸੀਆ ਸਿੱਖ ਲੜਕੀ 30/5'-4", BSc Nursing with 1 Year Government Certificate, 4 year Newborn Hospital. 85288-57524, 98153-69165.
19w
✔ ਪਰਜਾਪਤ 30/5'-2", B.Sc ਮੈਡੀਕਲ ਟੈਕਨੋਲੋਜੀ ਤਲਾਕਸ਼ੁਦਾ ਲਈ ਯੋਗ ਵਰ। 80541-82358, 78887-00414.
21w
ਆਦਿਧਰਮੀ ਲੜਕੀ 1990/5'-6", BA, B.Ed. ਲਈ ਯੋਗ ਵਰ। 94648-78617.
20w
ਅਰਸ਼ਦ ਵਿਧਾਦ ਪ੍ਰਜਾਪਤੀ ਲੜਕੀ (33/5'-3") ਲਈ ਯੋਗ ਵਰ। 7986035356.
16w
UK Graduate IELTS 6 Band Manager ਲਈ Court Marriage. 89683-66417.
ਵਰ ਦੀ ਲੋੜ
Groom Wanted
ਆਦਿਧਰਮੀ ਲੜਕੀ 36/5' ਸਰਕਾਰੀ ਨੌਕਰੀ ਲਈ ਯੋਗ ਵਰ ਦੀ ਲੋੜ। 98155-48555.
17w
ਮੁਸਲਿਮ ਲੜਕੀ IELTS 7 ਬੈਂਡ ਵਾਸਤੇ ਗ੍ਰੈਜੂਏਟ ਲਈ ਯੋਗ ਵਰ ਦੀ ਲੋੜ। 97797-29766.
20w
ਵਾਲਮੀਕਿ 19/5'-5", +2, Overall 6 BAND (5.5 Two Module) ਲਈ ਯੋਗ ਵਰ। 98145-01359, 62390-20602.
20w
ਆਦਿਧਰਮੀ ਮਜ਼ਹਬਿਕ 33 ਸਾਲ 5'-7" ਅਰਸ਼ਦੀਪ ਲਈ ਯੋਗ ਵਰ। 94641-10337.
22w
UK ਵਾਸਤੇ Graduate IELTS 6 Band ਲੜਕੀ ਲਈ ਲੜਕਾ ਚਾਹੀਦਾ। Court Marriage. 9501668066.
16w
ਰਵਿਦਾਸੀਆ ਸਿੱਖ 24/5'-5", ਆਇਲਟਸ 6.5 ਬੈਂਡ (B.Sc. Chem.) ਲਈ UK ਚਾਹਵਾਨ ਲੜਕਾ। 88375-33683.
20w
ਰਵਿਦਾਸੀਆ 28/5'-4" Graduation Diploma ਲਈ ਵਿਦੇਸ਼ੀ ਵਰ ਦੀ ਲੋੜ। 001-437-556-3349.
18w
ਵਿਆਹ/ਸ਼ਾਦੀ
Matrimonial
ਵਿਚੋਲੇ ਹੀ ਵਿਚੋਲੇ, ਸੰਪਰਕ ਕਰੋ ਜਗਤ ਮੈਰਿਜ ਬਿਊਰੋ। 9988905164.
ਹਰ ਪ੍ਰਕਾਰ ਦੇ ਰਿਸ਼ਤਿਆਂ ਲਈ ਸੰਪਰਕ ਕਰੋ। 9056363382.
ਹਰ ਤਰ੍ਹਾਂ ਦੇ ਰਿਸ਼ਤਿਆਂ ਲਈ ਮਿਲੋ। 79737880274.
ਹਰ ਪ੍ਰਕਾਰ ਦੇ ਰਿਸ਼ਤੇ ਅਤੇ Perfect Match ਲਈ ਮਿਲੋ। Mob. No. - 88378-64643.
Only ਗੁਰਸਿੱਖ ਪਰਿਵਾਰ ਸੰਪਰਕ ਕਰੋ ਖ਼ਾਲਸਾ ਮੈਰਿਜ ਬਿਊਰੋ (Whatsapp) (Mehra-87259-87562), (Ramgarhia-87259-87642).
✔ NRI Matrimonial Services, wedding choice banala ਮੈਰਿਜ ਬਿਊਰੋ 85588-12397.
Govt. Job ਸਰਕਾਰੀ ਮੁਲਾਜ਼ਮ ਲਈ ਰਿਸ਼ਤੇ। 83060-37511.
ਪਿੰਡਾਂ ਦੇ ਚੰਗੇ ਰਿਸ਼ਤਿਆਂ ਲਈ ਵਿਚੋਲਾ ਮਿਲੋ। 9914071328.
ਸੂਚਨਾ
Notice
ਨਾਂਅ ਦੀ ਬਦਲੀ
Change of Name
ਮੈਂ, ਸਿਮਰਦੀਪ ਕੌਰ ਪੁੱਤਰੀ ਰਾਜਵਿੰਦਰ ਸਿੰਘ ਵਾਸੀ 656, ਵਾਰਡ 08, ਨਾਨਕ ਨਗਰ ਨੇ ਆਪਣਾ ਨਾਂ ਬਦਲ ਕੇ ਸਿਮਰਦੀਪ ਕੌਰ ਰੱਖ ਲਿਆ ਹੈ।
ਬਾਕੀ ਸਿਰਲੇਖਵਾਰ
ਇਸ਼ਤਿਹਾਰ ਸਫ਼ਾ 15
CMYK
